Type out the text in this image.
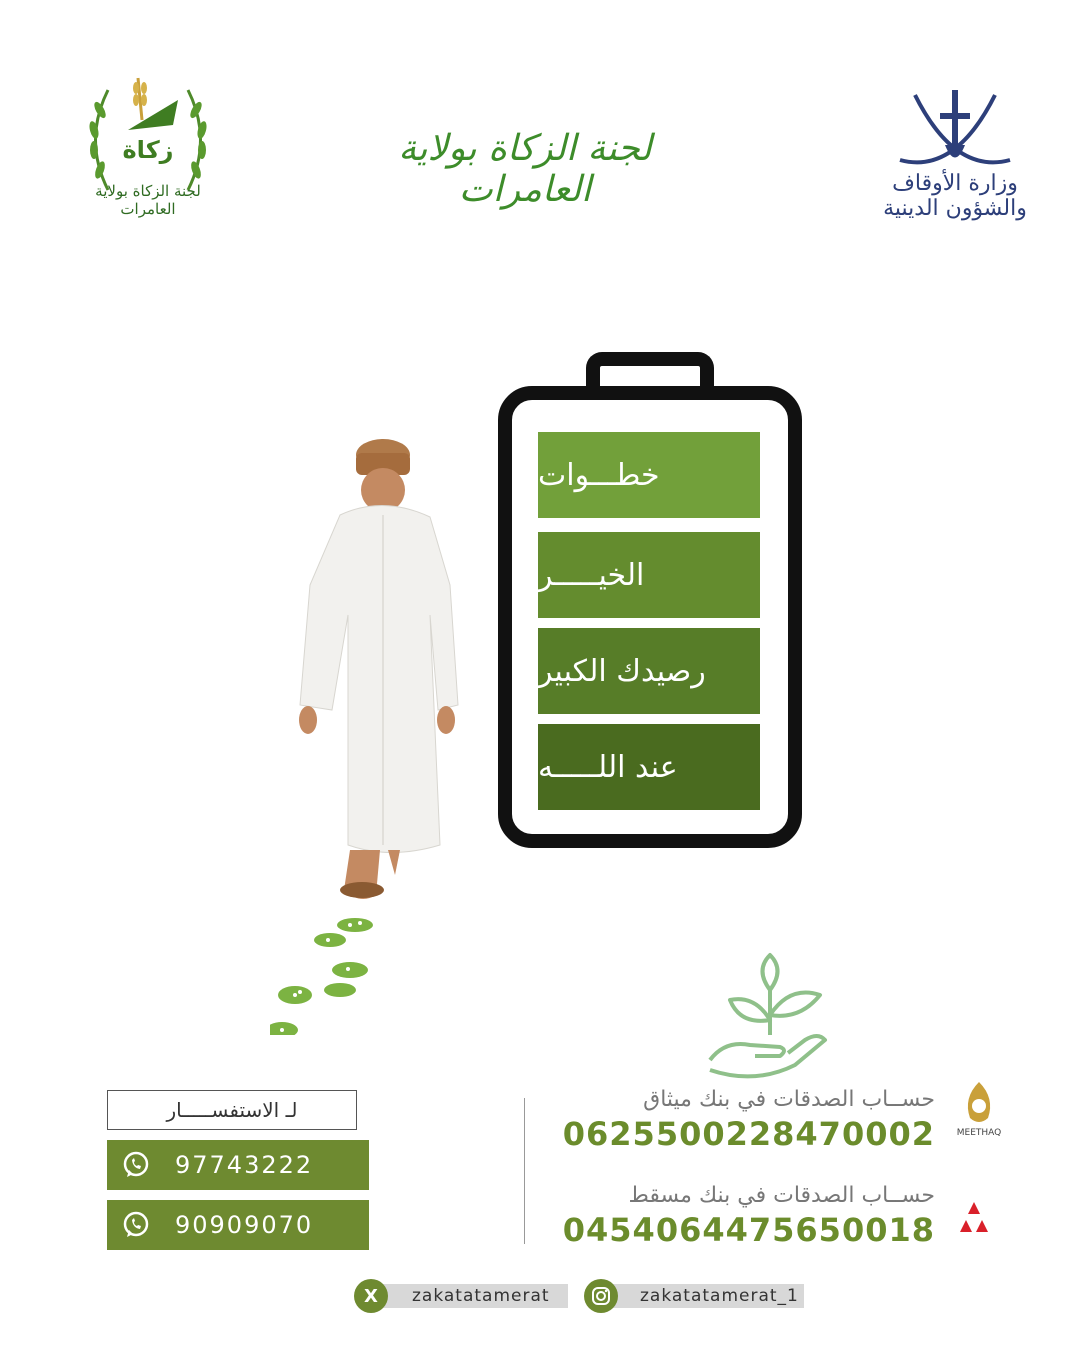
زكاة
لجنة الزكاة بولاية العامرات
لجنة الزكاة بولاية العامرات	وزارة الأوقاف والشؤون الدينية
خطـــوات
الخيـــــر
رصيدك الكبير
عند اللـــــه
حســاب الصدقات في بنك ميثاق
0625500228470002	MEETHAQ
حســاب الصدقات في بنك مسقط
0454064475650018
لـ الاستفســـــار
97743222
90909070
zakatatamerat
X	zakatatamerat_1
